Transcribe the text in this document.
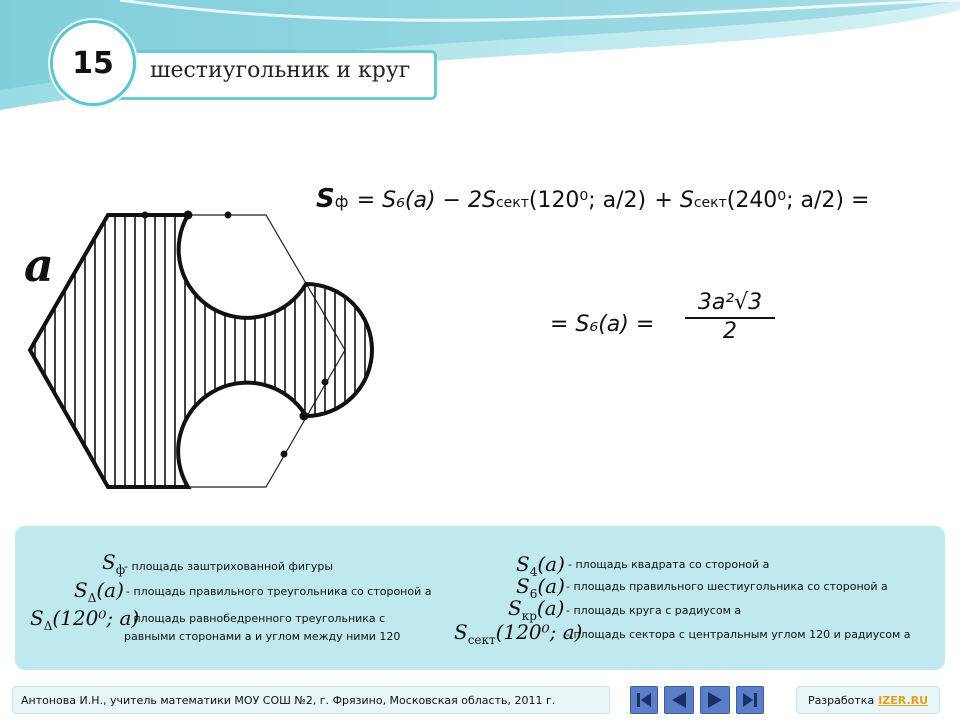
15	шестиугольник и круг
a
Sф = S₆(a) − 2Sсект(120⁰; a/2) + Sсект(240⁰; a/2) =
= $S_6(a) = \frac{\text{3a²√3}}{2}$
$S_ф$
- площадь заштрихованной фигуры
$S_\Delta(a)$ - площадь правильного треугольника со стороной a
$S_\Delta(120^0$; a)
- площадь равнобедренного треугольника с
равными сторонами a и углом между ними 120
$S_4(a)$ - площадь квадрата со стороной a
$S_6(a)$ - площадь правильного шестиугольника со стороной a
$S_{кр}(a)$ - площадь круга с радиусом a
$S_{сект}(120^0$; a)
- площадь сектора с центральным углом 120 и радиусом a
Антонова И.Н., учитель математики МОУ СОШ №2, г. Фрязино, Московская область, 2011 г.	Разработка IZER.RU
